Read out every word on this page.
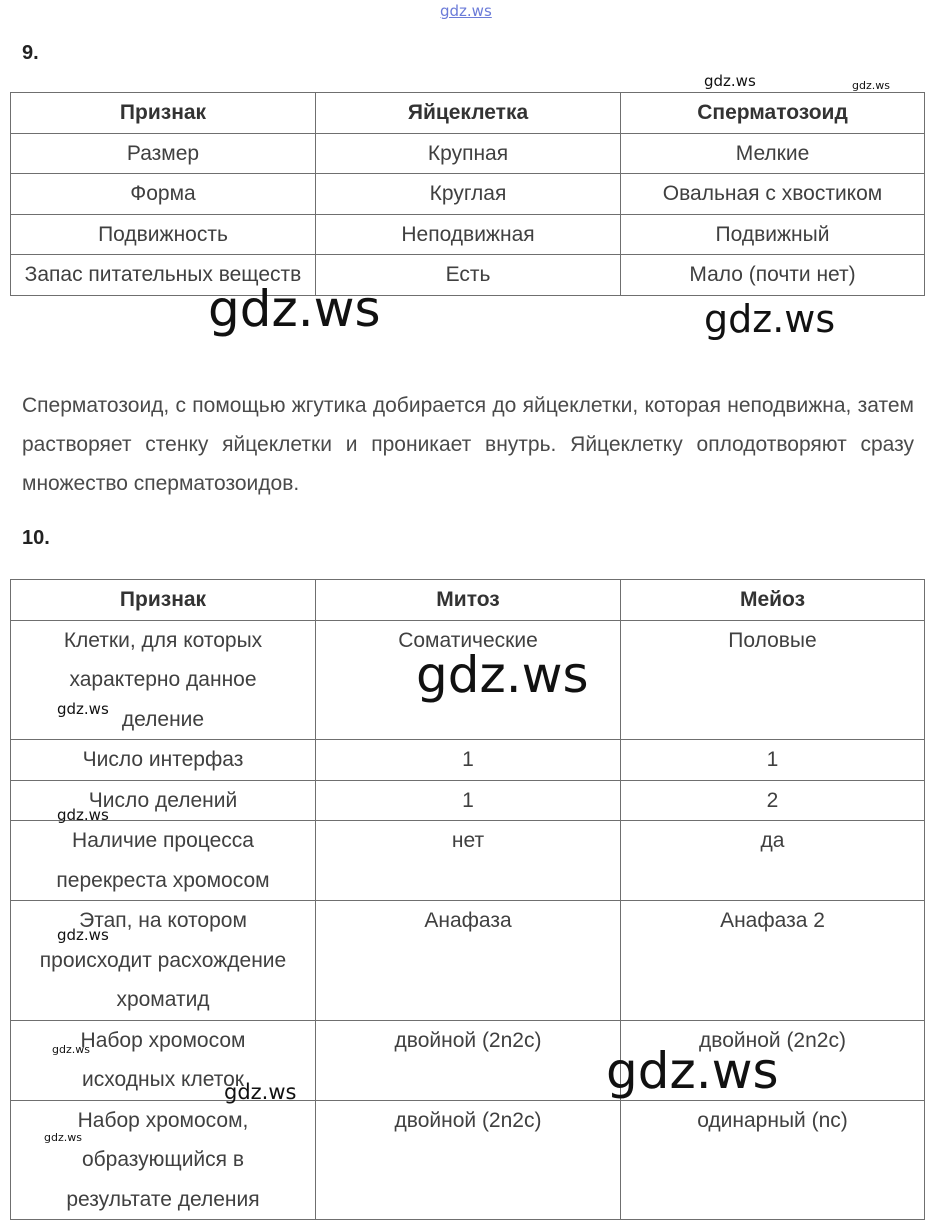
gdz.ws
9.
Признак	Яйцеклетка	Сперматозоид
Размер	Крупная	Мелкие
Форма	Круглая	Овальная с хвостиком
Подвижность	Неподвижная	Подвижный
Запас питательных веществ	Есть	Мало (почти нет)
Сперматозоид, с помощью жгутика добирается до яйцеклетки, которая неподвижна, затем растворяет стенку яйцеклетки и проникает внутрь. Яйцеклетку оплодотворяют сразу множество сперматозоидов.
10.
Признак	Митоз	Мейоз
Клетки, для которых характерно данное деление	Соматические	Половые
Число интерфаз	1	1
Число делений	1	2
Наличие процесса перекреста хромосом	нет	да
Этап, на котором происходит расхождение хроматид	Анафаза	Анафаза 2
Набор хромосом исходных клеток	двойной (2n2c)	двойной (2n2c)
Набор хромосом, образующийся в результате деления	двойной (2n2c)	одинарный (nc)
gdz.ws	gdz.ws
gdz.ws	gdz.ws
gdz.ws
gdz.ws
gdz.ws
gdz.ws
gdz.ws
gdz.ws
gdz.ws
gdz.ws
